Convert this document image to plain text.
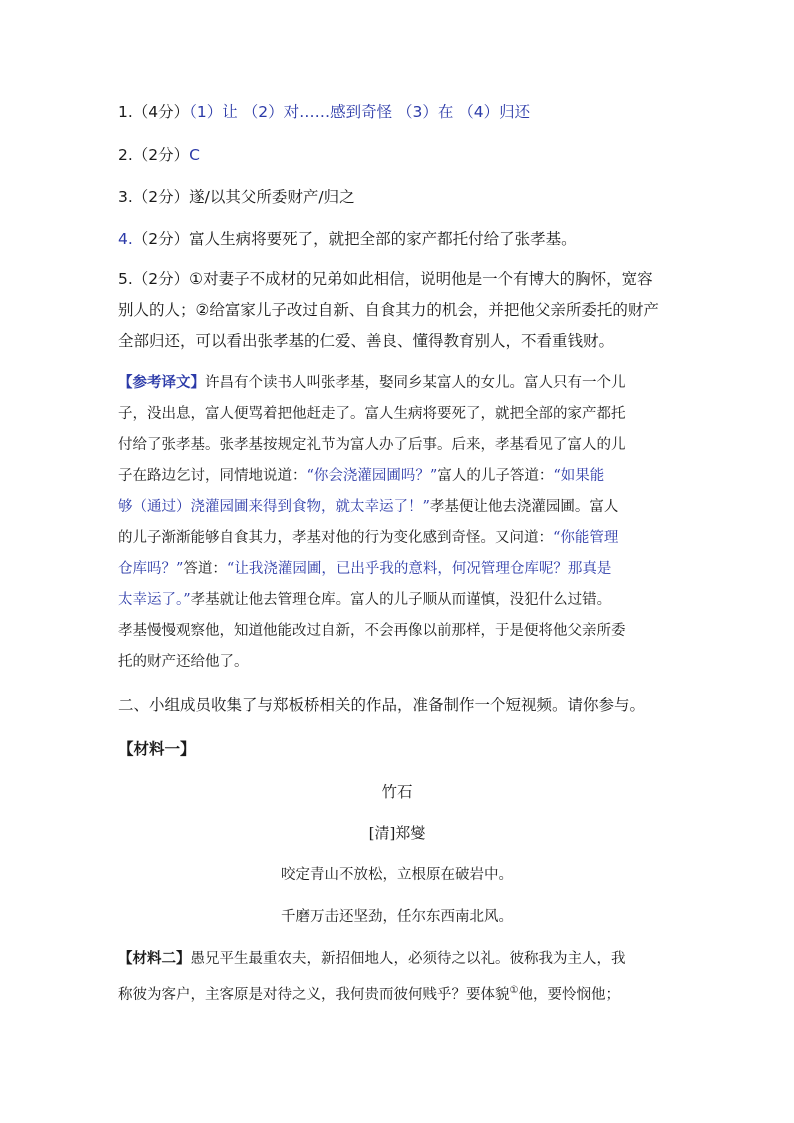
1.（4分）（1）让 （2）对……感到奇怪 （3）在 （4）归还
2.（2分）C
3.（2分）遂/以其父所委财产/归之
4.（2分）富人生病将要死了，就把全部的家产都托付给了张孝基。
5.（2分）①对妻子不成材的兄弟如此相信，说明他是一个有博大的胸怀，宽容
别人的人；②给富家儿子改过自新、自食其力的机会，并把他父亲所委托的财产
全部归还，可以看出张孝基的仁爱、善良、懂得教育别人，不看重钱财。
【参考译文】许昌有个读书人叫张孝基，娶同乡某富人的女儿。富人只有一个儿
子，没出息，富人便骂着把他赶走了。富人生病将要死了，就把全部的家产都托
付给了张孝基。张孝基按规定礼节为富人办了后事。后来，孝基看见了富人的儿
子在路边乞讨，同情地说道：“你会浇灌园圃吗？”富人的儿子答道：“如果能
够（通过）浇灌园圃来得到食物，就太幸运了！”孝基便让他去浇灌园圃。富人
的儿子渐渐能够自食其力，孝基对他的行为变化感到奇怪。又问道：“你能管理
仓库吗？”答道：“让我浇灌园圃，已出乎我的意料，何况管理仓库呢？那真是
太幸运了。”孝基就让他去管理仓库。富人的儿子顺从而谨慎，没犯什么过错。
孝基慢慢观察他，知道他能改过自新，不会再像以前那样，于是便将他父亲所委
托的财产还给他了。
二、小组成员收集了与郑板桥相关的作品，准备制作一个短视频。请你参与。
【材料一】
竹石
[清]郑燮
咬定青山不放松，立根原在破岩中。
千磨万击还坚劲，任尔东西南北风。
【材料二】愚兄平生最重农夫，新招佃地人，必须待之以礼。彼称我为主人，我
称彼为客户，主客原是对待之义，我何贵而彼何贱乎？要体貌①他，要怜悯他；
